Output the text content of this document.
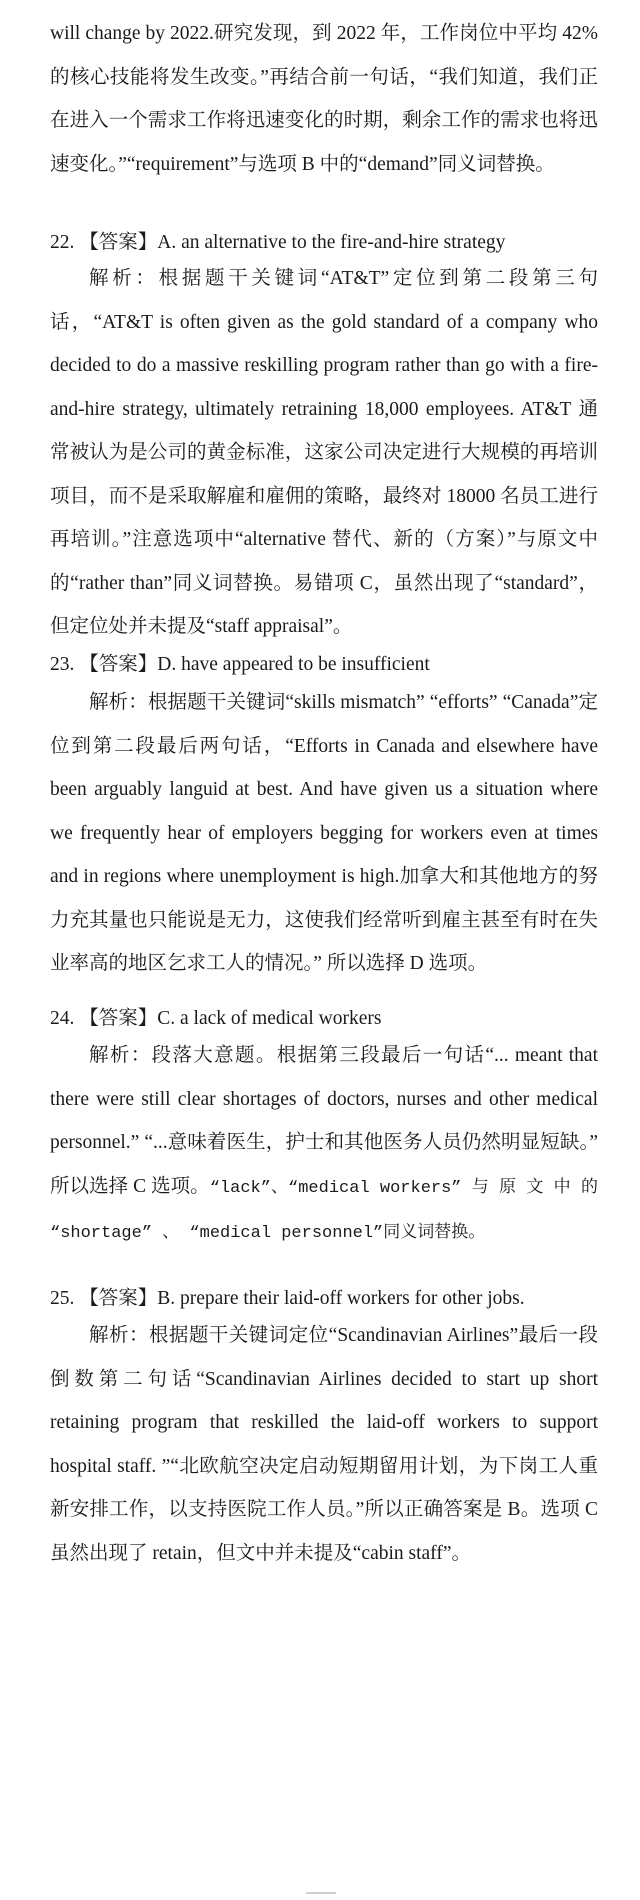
will change by 2022.研究发现，到 2022 年，工作岗位中平均 42% 的核心技能将发生改变。”再结合前一句话，“我们知道，我们正在进入一个需求工作将迅速变化的时期，剩余工作的需求也将迅速变化。”“requirement”与选项 B 中的“demand”同义词替换。

22. 【答案】A. an alternative to the fire-and-hire strategy

解析：根据题干关键词“AT&T”定位到第二段第三句话，“AT&T is often given as the gold standard of a company who decided to do a massive reskilling program rather than go with a fire-and-hire strategy, ultimately retraining 18,000 employees. AT&T 通常被认为是公司的黄金标准，这家公司决定进行大规模的再培训项目，而不是采取解雇和雇佣的策略，最终对 18000 名员工进行再培训。”注意选项中“alternative 替代、新的（方案）”与原文中的“rather than”同义词替换。易错项 C，虽然出现了“standard”，但定位处并未提及“staff appraisal”。

23. 【答案】D. have appeared to be insufficient

解析：根据题干关键词“skills mismatch” “efforts” “Canada”定位到第二段最后两句话，“Efforts in Canada and elsewhere have been arguably languid at best. And have given us a situation where we frequently hear of employers begging for workers even at times and in regions where unemployment is high.加拿大和其他地方的努力充其量也只能说是无力，这使我们经常听到雇主甚至有时在失业率高的地区乞求工人的情况。” 所以选择 D 选项。

24. 【答案】C. a lack of medical workers

解析：段落大意题。根据第三段最后一句话“... meant that there were still clear shortages of doctors, nurses and other medical personnel.” “...意味着医生，护士和其他医务人员仍然明显短缺。” 所以选择 C 选项。“lack”、“medical workers” 与 原 文 中 的 “shortage” 、 “medical personnel”同义词替换。

25. 【答案】B. prepare their laid-off workers for other jobs.

解析：根据题干关键词定位“Scandinavian Airlines”最后一段倒数第二句话“Scandinavian Airlines decided to start up short retaining program that reskilled the laid-off workers to support hospital staff. ”“北欧航空决定启动短期留用计划，为下岗工人重新安排工作，以支持医院工作人员。”所以正确答案是 B。选项 C 虽然出现了 retain，但文中并未提及“cabin staff”。
